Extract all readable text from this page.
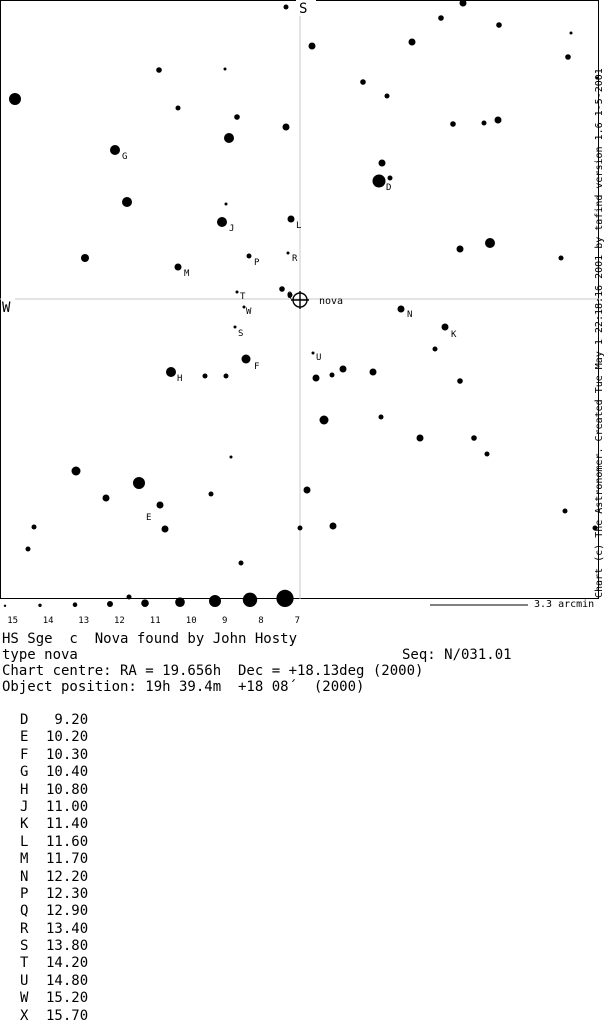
S
W
D
E
F
G
H
J
K
L
M
N
P
Q
R
S
T
U
W
nova
15	14	13	12	11	10	9	8	7
3.3 arcmin
Chart (c) The Astronomer. Created Tue May 1 22:18:16 2001 by tafind version 1.6 1-5-2001
HS Sge  c  Nova found by John Hosty
type nova	Seq: N/031.01
Chart centre: RA = 19.656h  Dec = +18.13deg (2000)
Object position: 19h 39.4m  +18 08´  (2000)
D 9.20
E 10.20
F 10.30
G 10.40
H 10.80
J 11.00
K 11.40
L 11.60
M 11.70
N 12.20
P 12.30
Q 12.90
R 13.40
S 13.80
T 14.20
U 14.80
W 15.20
X 15.70
